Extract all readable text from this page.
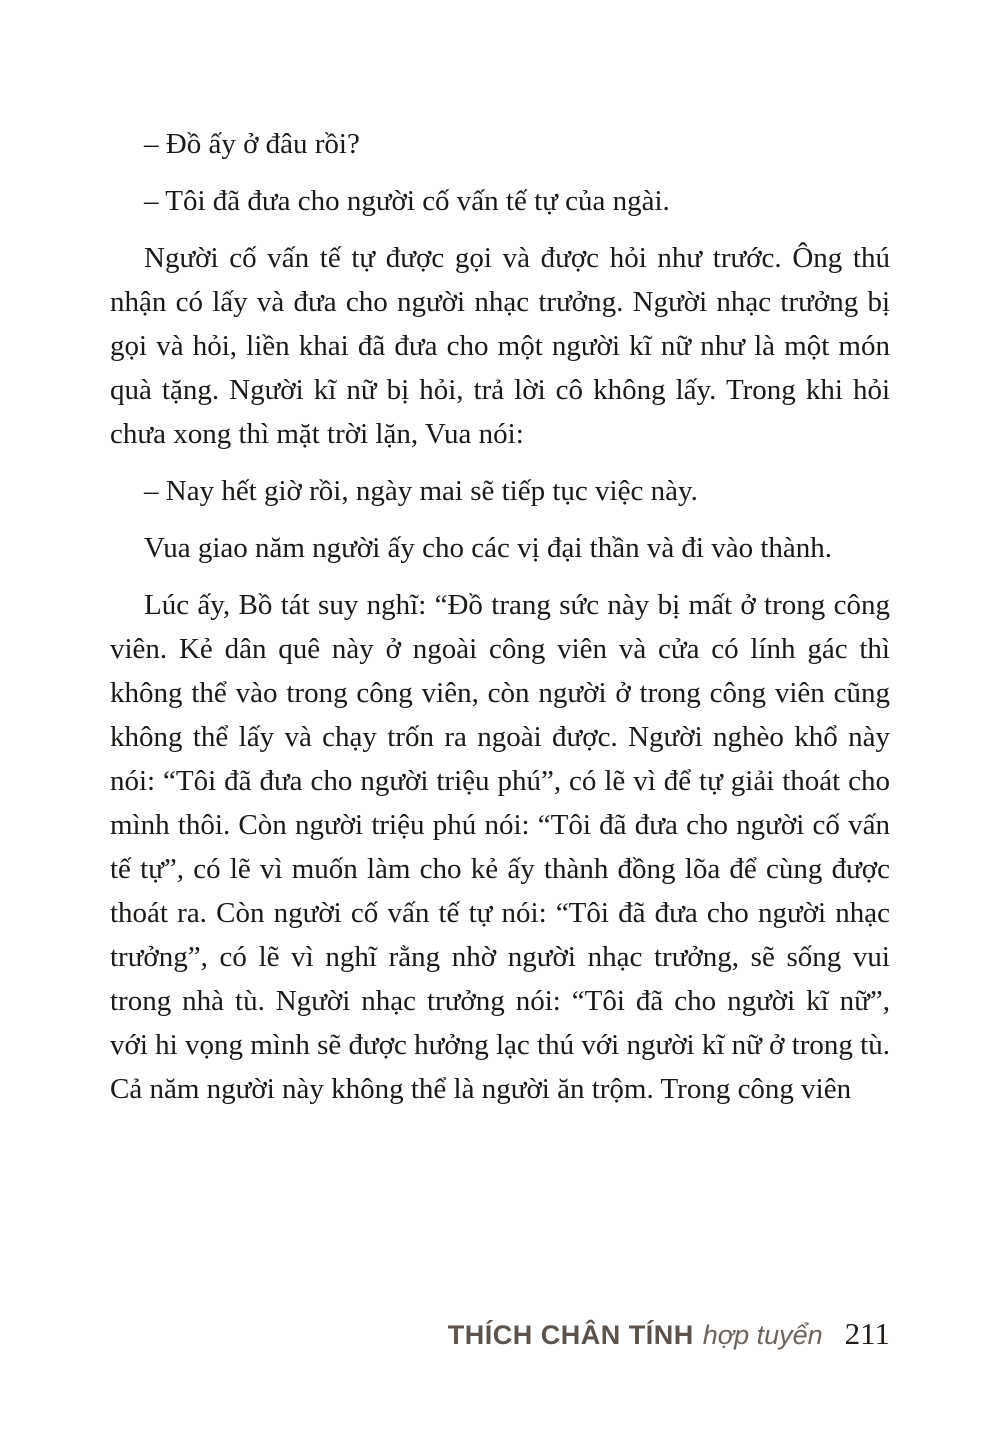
– Đồ ấy ở đâu rồi?

– Tôi đã đưa cho người cố vấn tế tự của ngài.

Người cố vấn tế tự được gọi và được hỏi như trước. Ông thú nhận có lấy và đưa cho người nhạc trưởng. Người nhạc trưởng bị gọi và hỏi, liền khai đã đưa cho một người kĩ nữ như là một món quà tặng. Người kĩ nữ bị hỏi, trả lời cô không lấy. Trong khi hỏi chưa xong thì mặt trời lặn, Vua nói:

– Nay hết giờ rồi, ngày mai sẽ tiếp tục việc này.

Vua giao năm người ấy cho các vị đại thần và đi vào thành.

Lúc ấy, Bồ tát suy nghĩ: “Đồ trang sức này bị mất ở trong công viên. Kẻ dân quê này ở ngoài công viên và cửa có lính gác thì không thể vào trong công viên, còn người ở trong công viên cũng không thể lấy và chạy trốn ra ngoài được. Người nghèo khổ này nói: “Tôi đã đưa cho người triệu phú”, có lẽ vì để tự giải thoát cho mình thôi. Còn người triệu phú nói: “Tôi đã đưa cho người cố vấn tế tự”, có lẽ vì muốn làm cho kẻ ấy thành đồng lõa để cùng được thoát ra. Còn người cố vấn tế tự nói: “Tôi đã đưa cho người nhạc trưởng”, có lẽ vì nghĩ rằng nhờ người nhạc trưởng, sẽ sống vui trong nhà tù. Người nhạc trưởng nói: “Tôi đã cho người kĩ nữ”, với hi vọng mình sẽ được hưởng lạc thú với người kĩ nữ ở trong tù. Cả năm người này không thể là người ăn trộm. Trong công viên

THÍCH CHÂN TÍNH hợp tuyển 211
